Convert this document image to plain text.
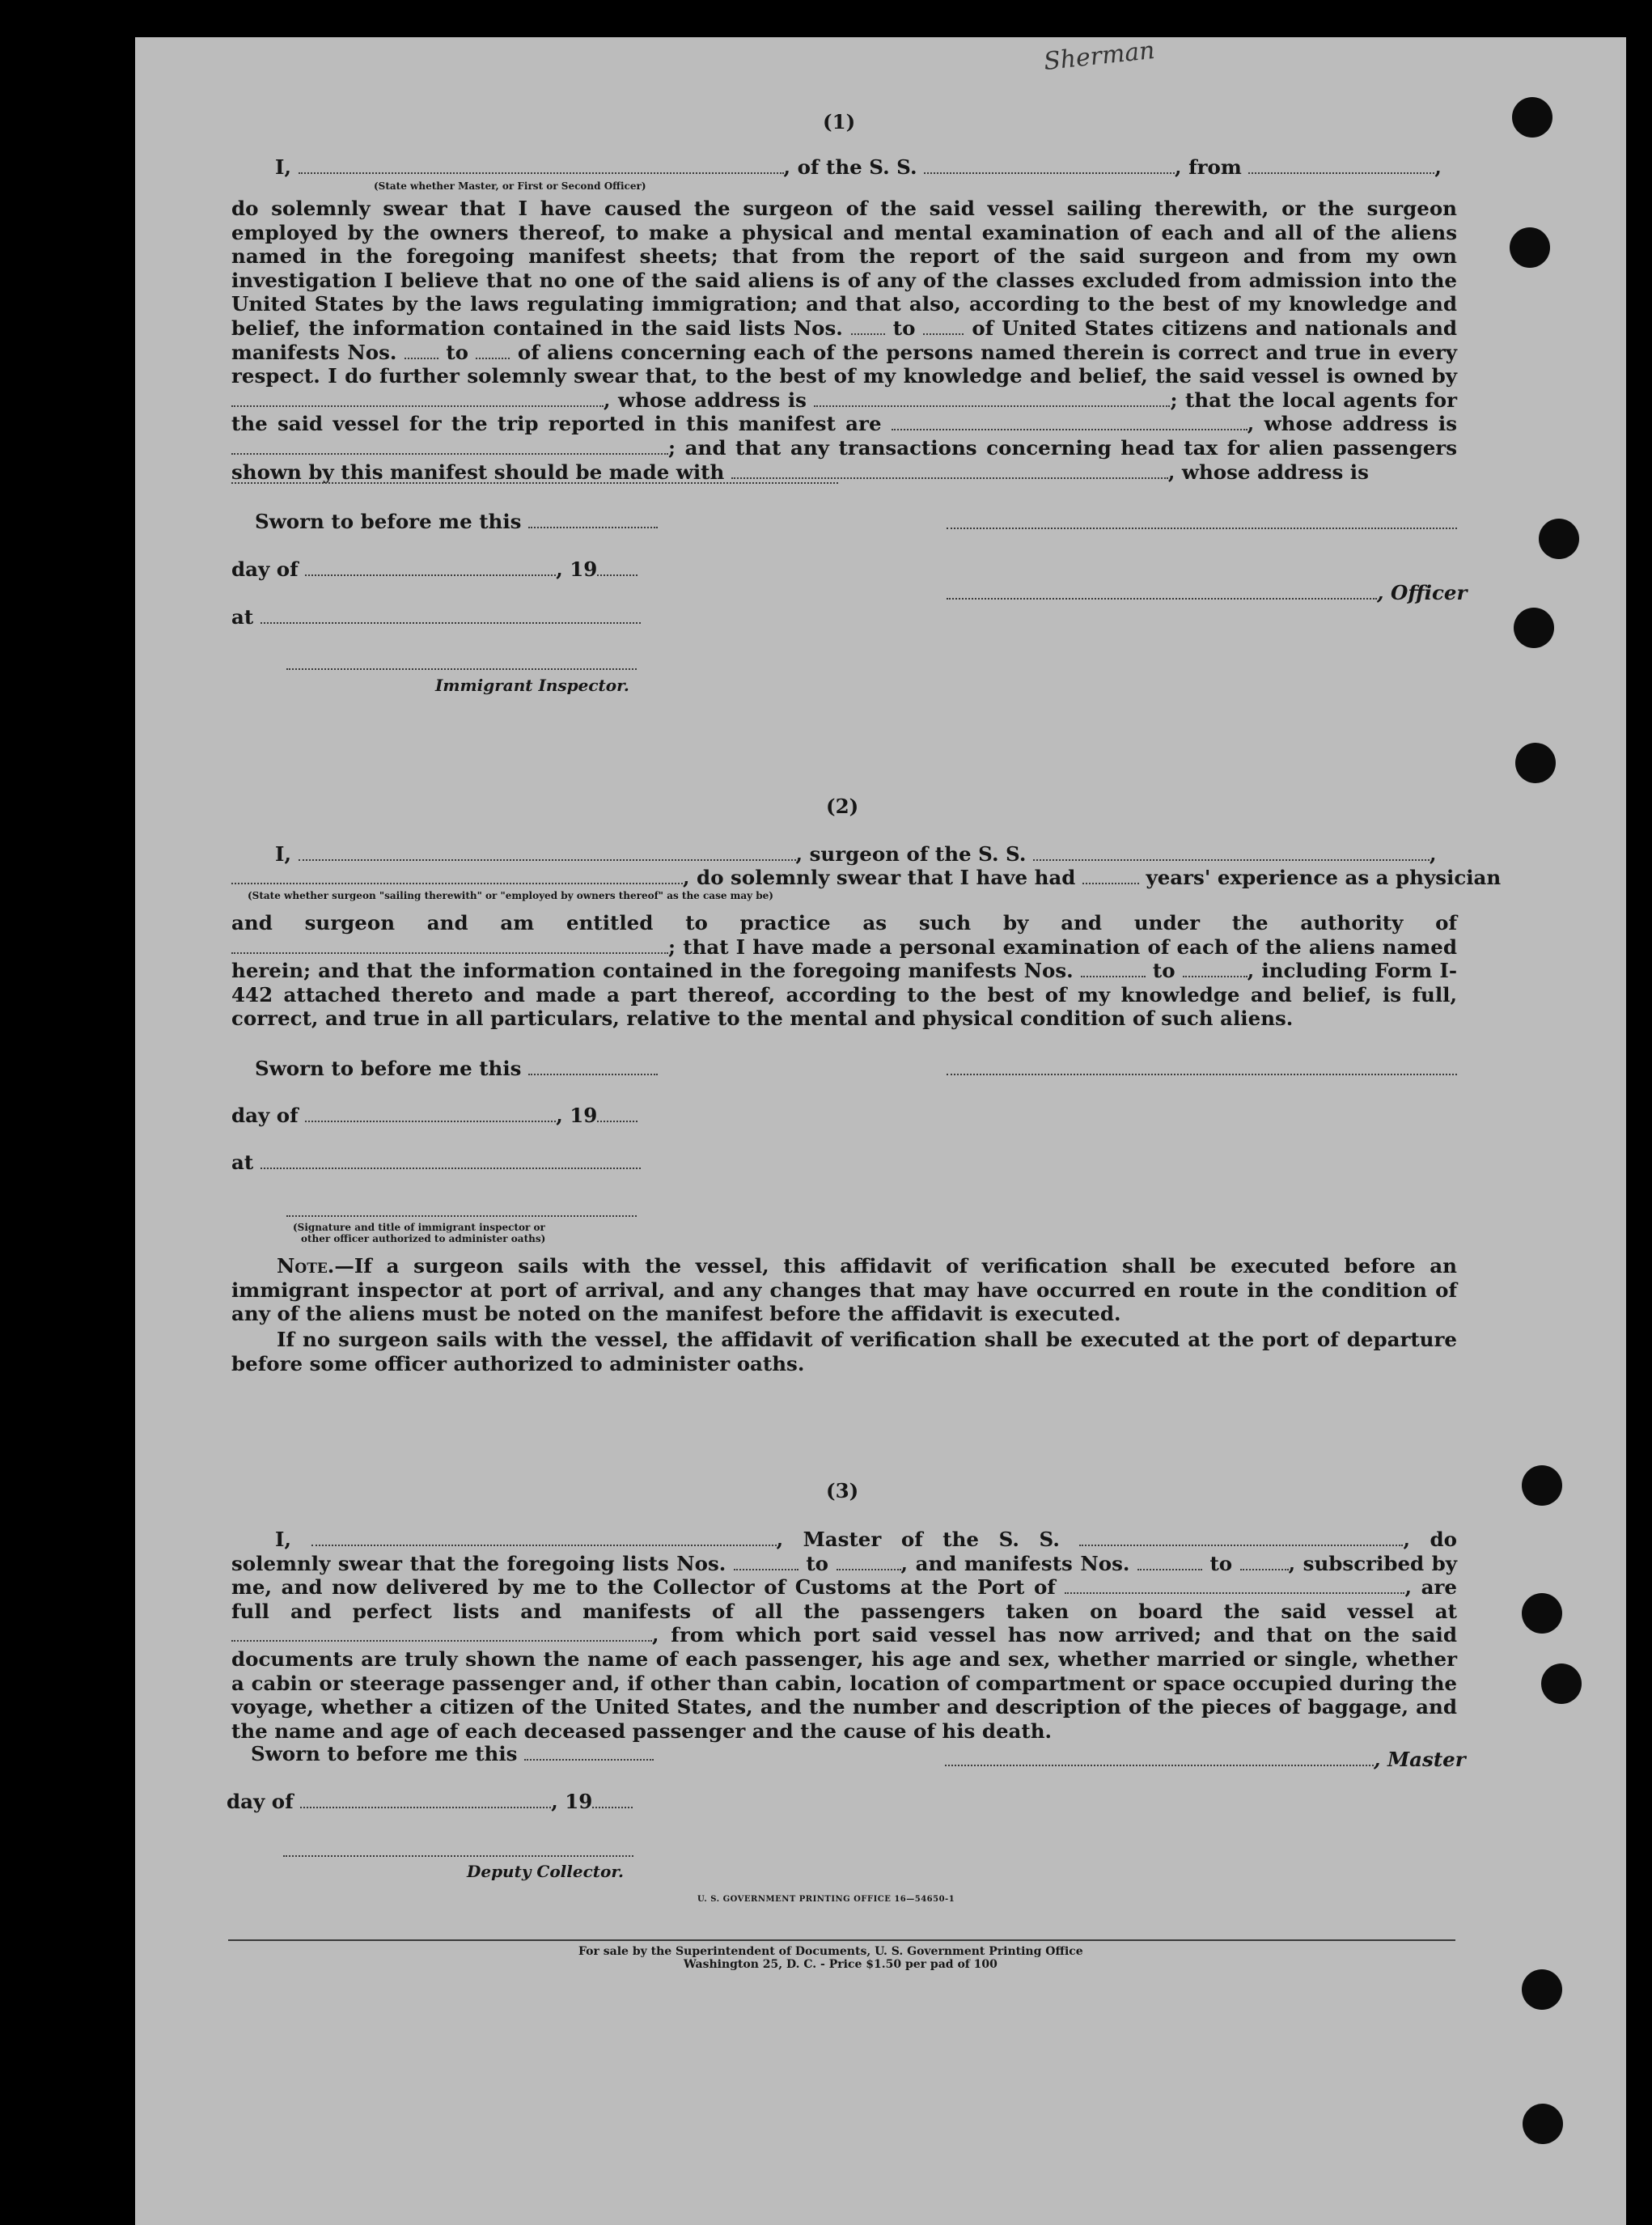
Sherman
(1)
I,	, of the S. S.	, from	,
(State whether Master, or First or Second Officer)
do solemnly swear that I have caused the surgeon of the said vessel sailing therewith, or the surgeon employed by the owners thereof, to make a physical and mental examination of each and all of the aliens named in the foregoing manifest sheets; that from the report of the said surgeon and from my own investigation I believe that no one of the said aliens is of any of the classes excluded from admission into the United States by the laws regulating immigration; and that also, according to the best of my knowledge and belief, the information contained in the said lists Nos.	to	of United States citizens and nationals and manifests Nos. to of aliens concerning each of the persons named therein is correct and true in every respect. I do further solemnly swear that, to the best of my knowledge and belief, the said vessel is owned by , whose address is	; that the local agents for the said vessel for the trip reported in this manifest are	, whose address is ; and that any transactions concerning head tax for alien passengers shown by this manifest should be made with	, whose address is
Sworn to before me this
day of	, 19
at
Immigrant Inspector.
, Officer
(2)
I,	, surgeon of the S. S.	,
, do solemnly swear that I have had	years' experience as a physician
(State whether surgeon "sailing therewith" or "employed by owners thereof" as the case may be)
and surgeon and am entitled to practice as such by and under the authority of ; that I have made a personal examination of each of the aliens named herein; and that the information contained in the foregoing manifests Nos.	to	, including Form I-442 attached thereto and made a part thereof, according to the best of my knowledge and belief, is full, correct, and true in all particulars, relative to the mental and physical condition of such aliens.
Sworn to before me this
day of	, 19
at
(Signature and title of immigrant inspector or
other officer authorized to administer oaths)
Note.—If a surgeon sails with the vessel, this affidavit of verification shall be executed before an immigrant inspector at port of arrival, and any changes that may have occurred en route in the condition of any of the aliens must be noted on the manifest before the affidavit is executed.
If no surgeon sails with the vessel, the affidavit of verification shall be executed at the port of departure before some officer authorized to administer oaths.
(3)
I,	, Master of the S. S.	, do solemnly swear that the foregoing lists Nos.	to	, and manifests Nos.	to	, subscribed by me, and now delivered by me to the Collector of Customs at the Port of	, are full and perfect lists and manifests of all the passengers taken on board the said vessel at , from which port said vessel has now arrived; and that on the said documents are truly shown the name of each passenger, his age and sex, whether married or single, whether a cabin or steerage passenger and, if other than cabin, location of compartment or space occupied during the voyage, whether a citizen of the United States, and the number and description of the pieces of baggage, and the name and age of each deceased passenger and the cause of his death.
Sworn to before me this
day of	, 19
Deputy Collector.
, Master
U. S. GOVERNMENT PRINTING OFFICE 16—54650-1
For sale by the Superintendent of Documents, U. S. Government Printing Office
Washington 25, D. C. - Price $1.50 per pad of 100
